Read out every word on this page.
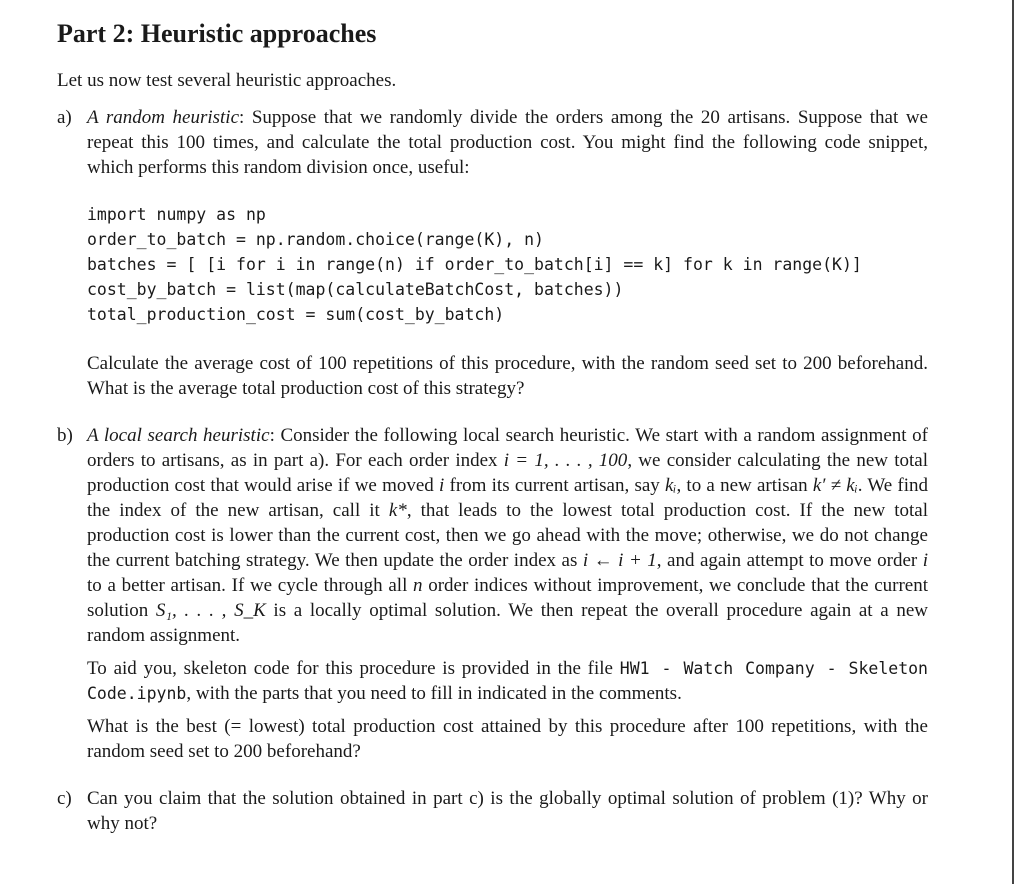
Part 2: Heuristic approaches

Let us now test several heuristic approaches.

a) A random heuristic: Suppose that we randomly divide the orders among the 20 artisans. Suppose that we repeat this 100 times, and calculate the total production cost. You might find the following code snippet, which performs this random division once, useful:

import numpy as np
order_to_batch = np.random.choice(range(K), n)
batches = [ [i for i in range(n) if order_to_batch[i] == k] for k in range(K)]
cost_by_batch = list(map(calculateBatchCost, batches))
total_production_cost = sum(cost_by_batch)

Calculate the average cost of 100 repetitions of this procedure, with the random seed set to 200 beforehand. What is the average total production cost of this strategy?

b) A local search heuristic: Consider the following local search heuristic. We start with a random assignment of orders to artisans, as in part a). For each order index i = 1, . . . , 100, we consider calculating the new total production cost that would arise if we moved i from its current artisan, say kᵢ, to a new artisan k′ ≠ kᵢ. We find the index of the new artisan, call it k*, that leads to the lowest total production cost. If the new total production cost is lower than the current cost, then we go ahead with the move; otherwise, we do not change the current batching strategy. We then update the order index as i ← i + 1, and again attempt to move order i to a better artisan. If we cycle through all n order indices without improvement, we conclude that the current solution S₁, . . . , S_K is a locally optimal solution. We then repeat the overall procedure again at a new random assignment.

To aid you, skeleton code for this procedure is provided in the file HW1 - Watch Company - Skeleton Code.ipynb, with the parts that you need to fill in indicated in the comments.

What is the best (= lowest) total production cost attained by this procedure after 100 repetitions, with the random seed set to 200 beforehand?

c) Can you claim that the solution obtained in part c) is the globally optimal solution of problem (1)? Why or why not?
